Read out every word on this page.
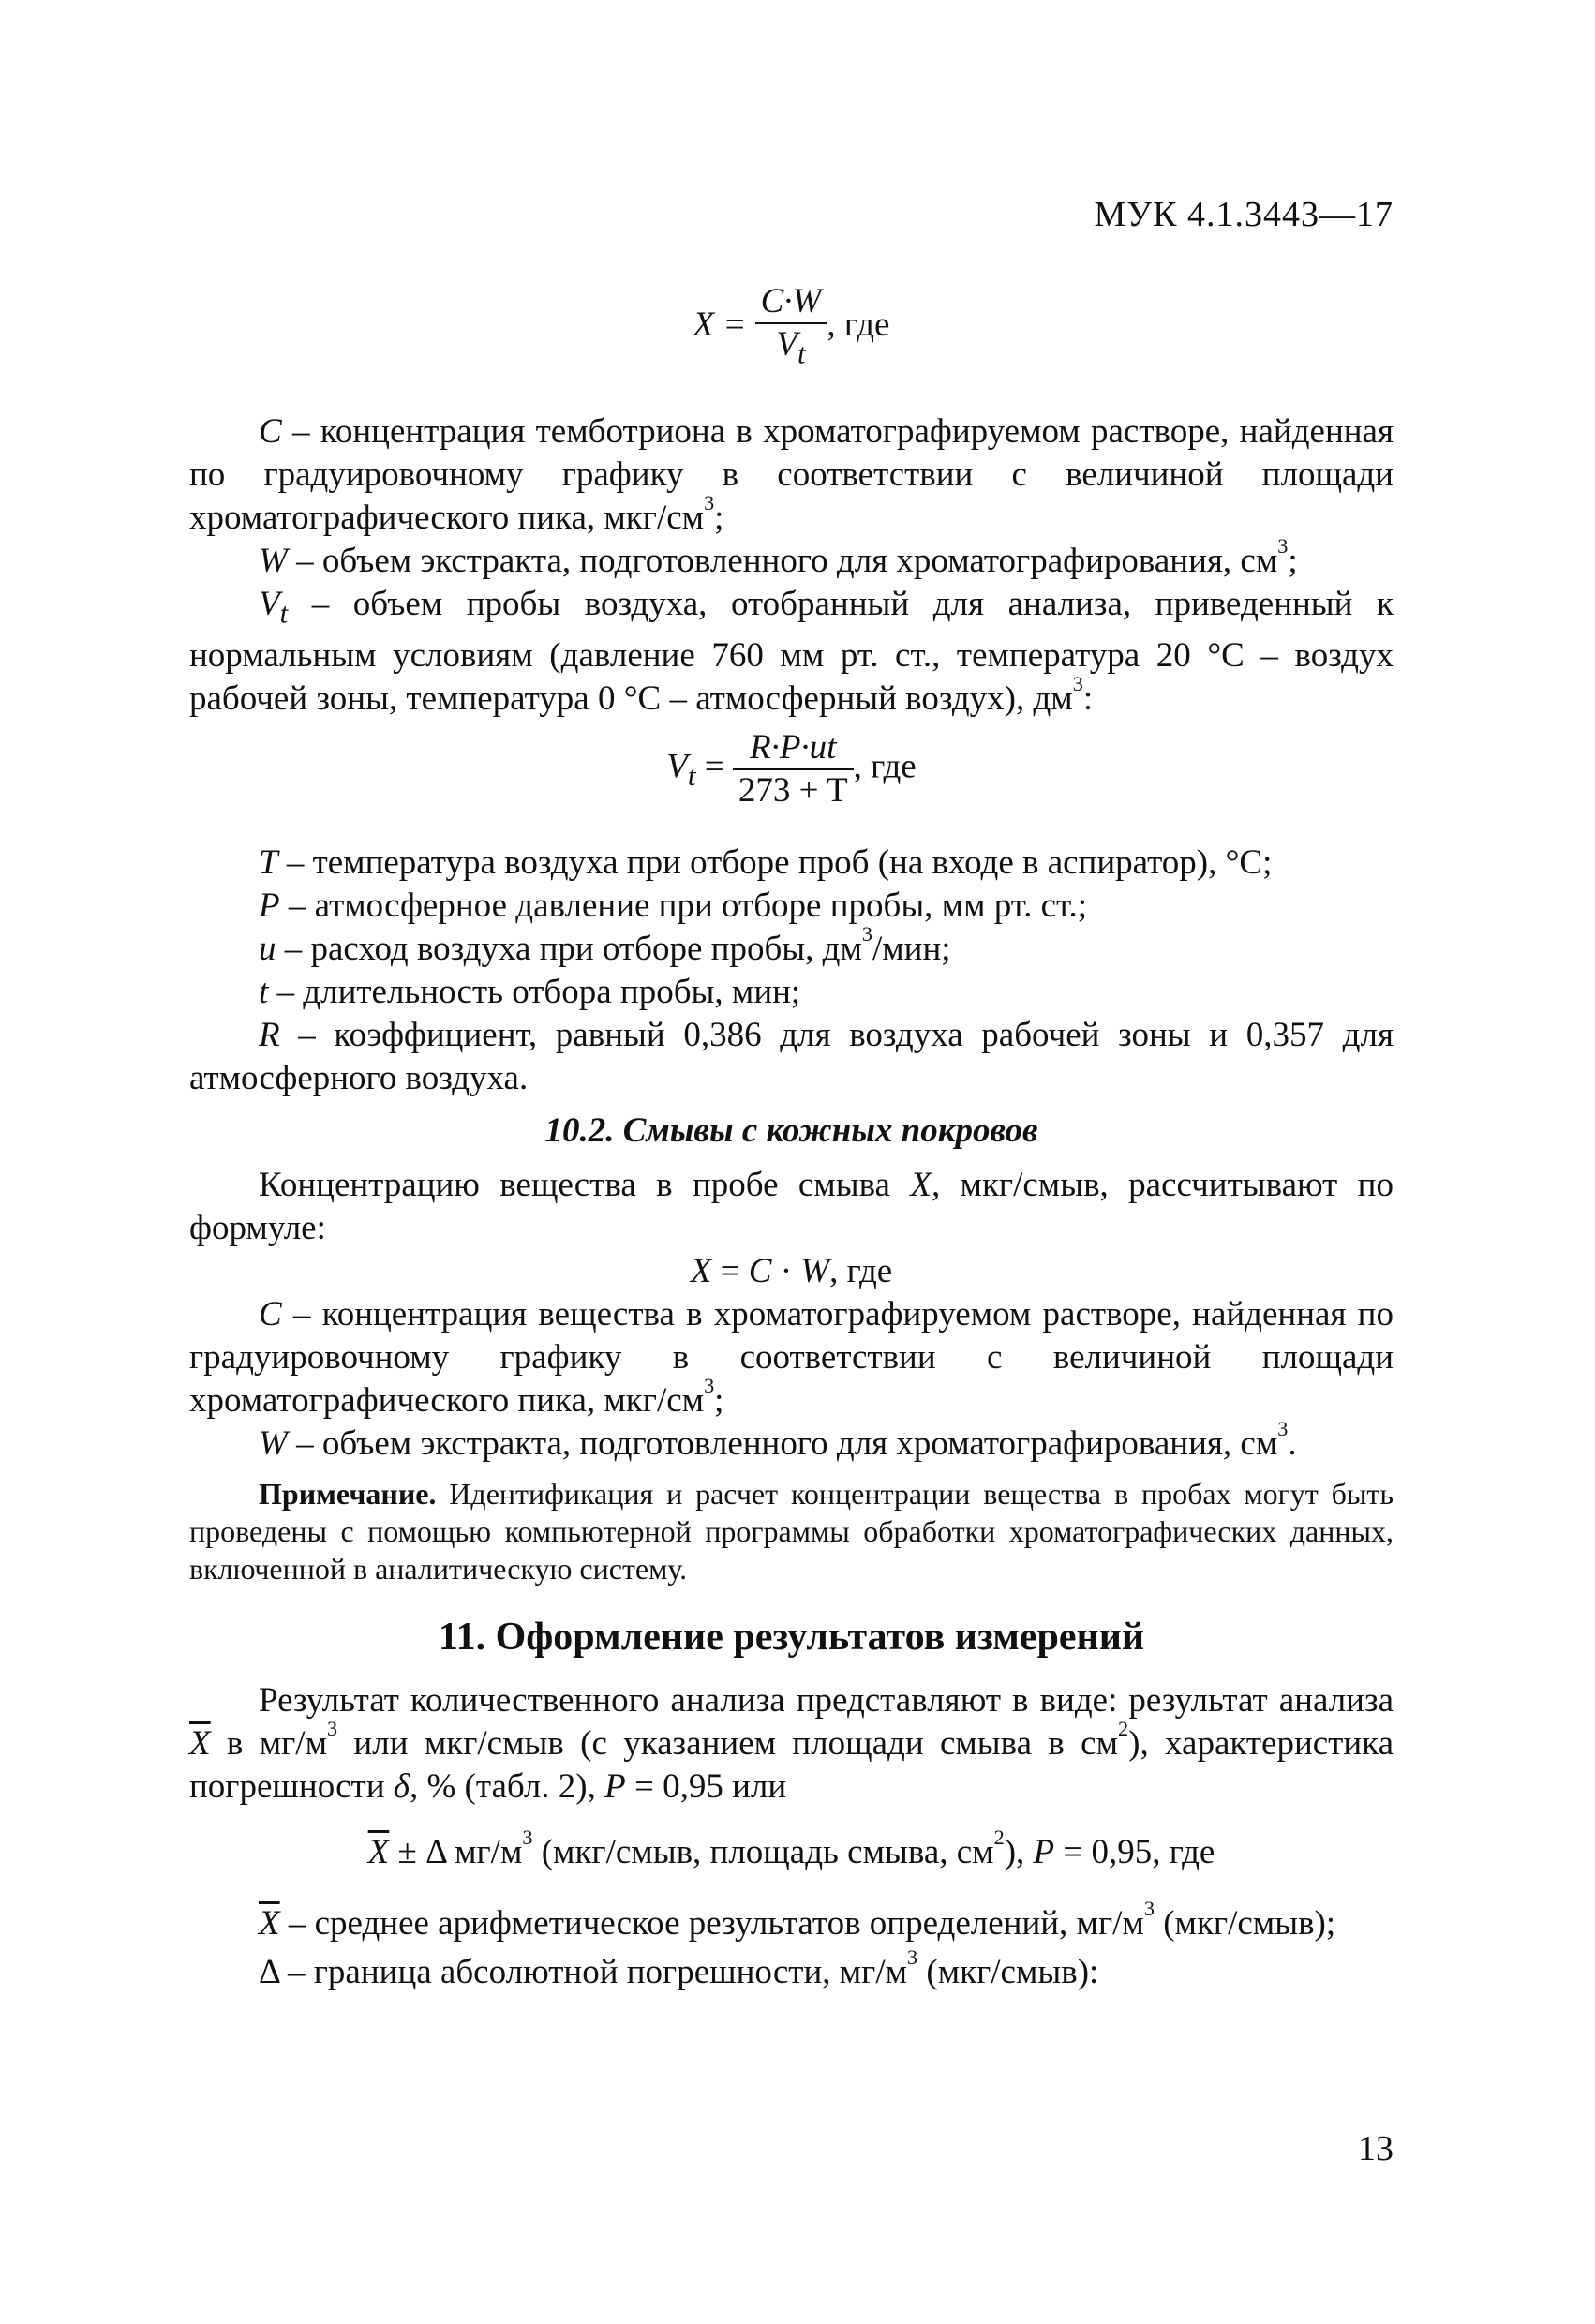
МУК 4.1.3443—17
$X = \frac{C\cdot W}{V_t}$ , где

C – концентрация темботриона в хроматографируемом растворе, найденная по градуировочному графику в соответствии с величиной площади хроматографического пика, мкг/$см^3$;

W – объем экстракта, подготовленного для хроматографирования, $см^3$;

$V_t$ – объем пробы воздуха, отобранный для анализа, приведенный к нормальным условиям (давление 760 мм рт. ст., температура 20 °C – воздух рабочей зоны, температура 0 °C – атмосферный воздух), $дм^3$:

$V_t = \frac{R\cdot P\cdot ut}{273 + T}$ , где

T – температура воздуха при отборе проб (на входе в аспиратор), °C;

P – атмосферное давление при отборе пробы, мм рт. ст.;

u – расход воздуха при отборе пробы, $дм^3$/мин;

t – длительность отбора пробы, мин;

R – коэффициент, равный 0,386 для воздуха рабочей зоны и 0,357 для атмосферного воздуха.

10.2. Смывы с кожных покровов

Концентрацию вещества в пробе смыва X, мкг/смыв, рассчитывают по формуле:

X = C · W, где

C – концентрация вещества в хроматографируемом растворе, найденная по градуировочному графику в соответствии с величиной площади хроматографического пика, мкг/$см^3$;

W – объем экстракта, подготовленного для хроматографирования, $см^3$.

Примечание. Идентификация и расчет концентрации вещества в пробах могут быть проведены с помощью компьютерной программы обработки хроматографических данных, включенной в аналитическую систему.

11. Оформление результатов измерений

Результат количественного анализа представляют в виде: результат анализа $\overline{X}$ в $мг/м^3$ или мкг/смыв (с указанием площади смыва в $см^2$), характеристика погрешности δ, % (табл. 2), P = 0,95 или

$\overline{X} \pm \Delta$ $мг/м^3$ (мкг/смыв, площадь смыва, $см^2$), P = 0,95, где

$\overline{X}$ – среднее арифметическое результатов определений, $мг/м^3$ (мкг/смыв);

Δ – граница абсолютной погрешности, $мг/м^3$ (мкг/смыв):

13
